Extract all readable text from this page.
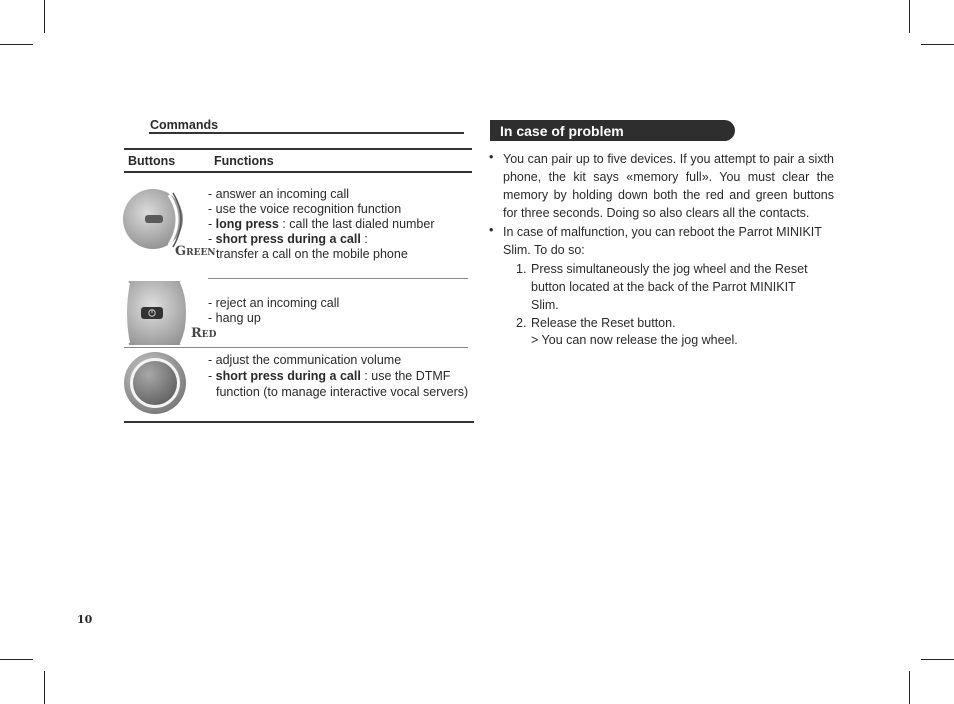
Commands
Buttons	Functions
Green
- answer an incoming call
- use the voice recognition function
- long press : call the last dialed number
- short press during a call :
transfer a call on the mobile phone
Red
- reject an incoming call
- hang up
- adjust the communication volume
- short press during a call : use the DTMF
function (to manage interactive vocal servers)
In case of problem
• You can pair up to five devices. If you attempt to pair a sixth phone, the kit says «memory full». You must clear the memory by holding down both the red and green buttons for three seconds. Doing so also clears all the contacts.
• In case of malfunction, you can reboot the Parrot MINIKIT Slim. To do so:
1. Press simultaneously the jog wheel and the Reset button located at the back of the Parrot MINIKIT Slim.
2. Release the Reset button.
> You can now release the jog wheel.
10
